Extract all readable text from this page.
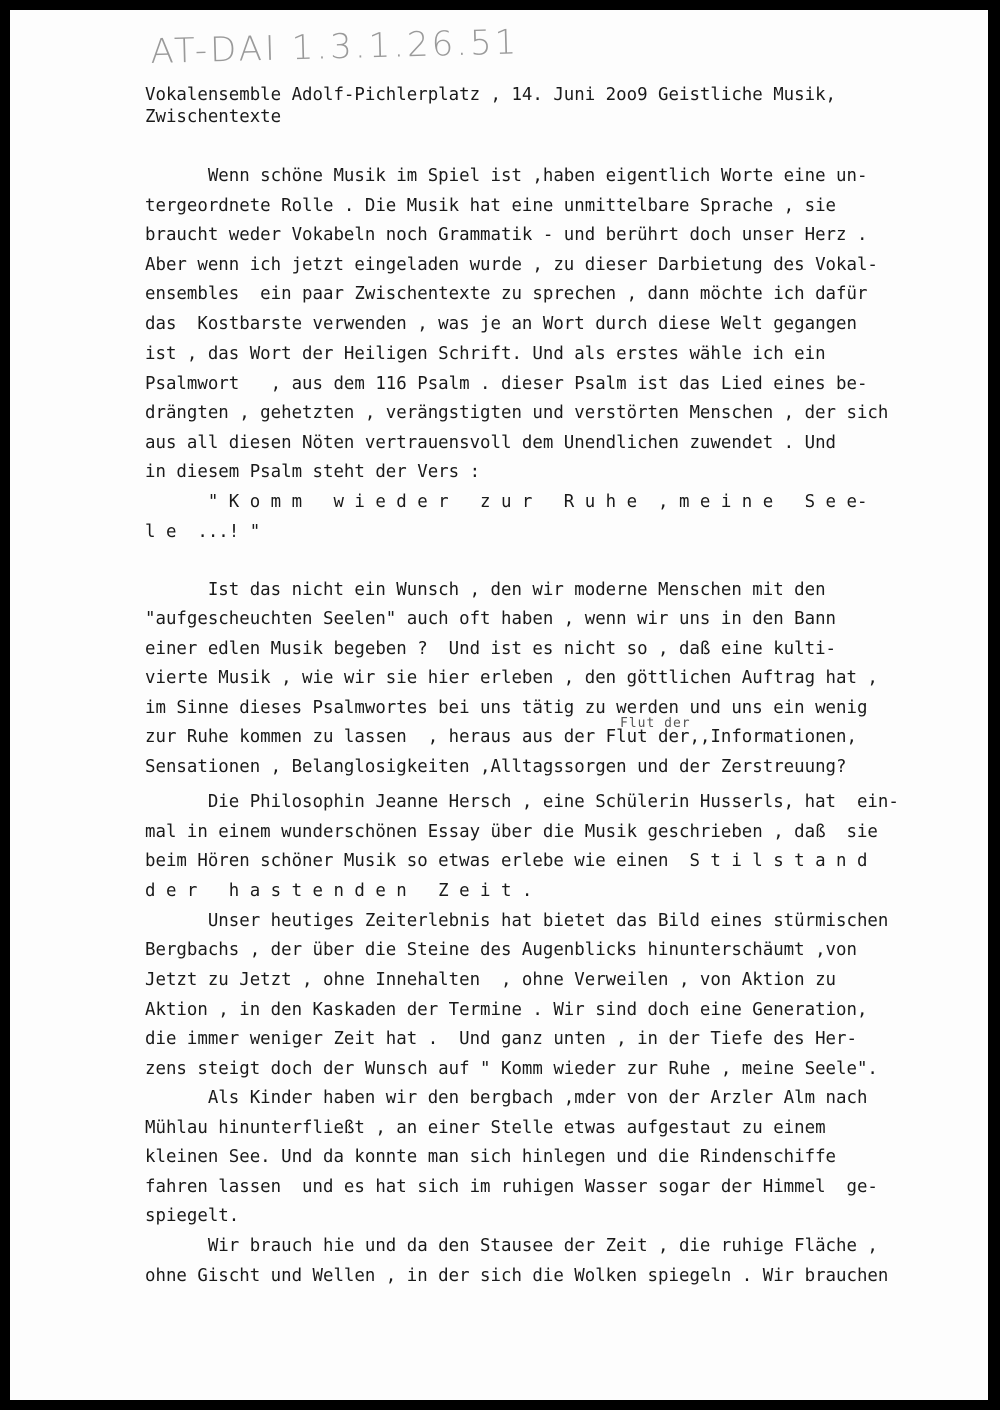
AT-DAI 1.3.1.26.51

Vokalensemble Adolf-Pichlerplatz , 14. Juni 2oo9 Geistliche Musik,

Zwischentexte

Wenn schöne Musik im Spiel ist ,haben eigentlich Worte eine un-

tergeordnete Rolle . Die Musik hat eine unmittelbare Sprache , sie

braucht weder Vokabeln noch Grammatik - und berührt doch unser Herz .

Aber wenn ich jetzt eingeladen wurde , zu dieser Darbietung des Vokal-

ensembles  ein paar Zwischentexte zu sprechen , dann möchte ich dafür

das  Kostbarste verwenden , was je an Wort durch diese Welt gegangen

ist , das Wort der Heiligen Schrift. Und als erstes wähle ich ein

Psalmwort   , aus dem 116 Psalm . dieser Psalm ist das Lied eines be-

drängten , gehetzten , verängstigten und verstörten Menschen , der sich

aus all diesen Nöten vertrauensvoll dem Unendlichen zuwendet . Und

in diesem Psalm steht der Vers :

" K o m m   w i e d e r   z u r   R u h e  , m e i n e   S e e-

l e  ...! "

Ist das nicht ein Wunsch , den wir moderne Menschen mit den

"aufgescheuchten Seelen" auch oft haben , wenn wir uns in den Bann

einer edlen Musik begeben ?  Und ist es nicht so , daß eine kulti-

vierte Musik , wie wir sie hier erleben , den göttlichen Auftrag hat ,

im Sinne dieses Psalmwortes bei uns tätig zu werden und uns ein wenig

zur Ruhe kommen zu lassen  , heraus aus der Flut der,,Informationen,

Sensationen , Belanglosigkeiten ,Alltagssorgen und der Zerstreuung?

Die Philosophin Jeanne Hersch , eine Schülerin Husserls, hat  ein-

mal in einem wunderschönen Essay über die Musik geschrieben , daß  sie

beim Hören schöner Musik so etwas erlebe wie einen  S t i l s t a n d

d e r   h a s t e n d e n   Z e i t .

Unser heutiges Zeiterlebnis hat bietet das Bild eines stürmischen

Bergbachs , der über die Steine des Augenblicks hinunterschäumt ,von

Jetzt zu Jetzt , ohne Innehalten  , ohne Verweilen , von Aktion zu

Aktion , in den Kaskaden der Termine . Wir sind doch eine Generation,

die immer weniger Zeit hat .  Und ganz unten , in der Tiefe des Her-

zens steigt doch der Wunsch auf " Komm wieder zur Ruhe , meine Seele".

Als Kinder haben wir den bergbach ,mder von der Arzler Alm nach

Mühlau hinunterfließt , an einer Stelle etwas aufgestaut zu einem

kleinen See. Und da konnte man sich hinlegen und die Rindenschiffe

fahren lassen  und es hat sich im ruhigen Wasser sogar der Himmel  ge-

spiegelt.

Wir brauch hie und da den Stausee der Zeit , die ruhige Fläche ,

ohne Gischt und Wellen , in der sich die Wolken spiegeln . Wir brauchen

Flut der
